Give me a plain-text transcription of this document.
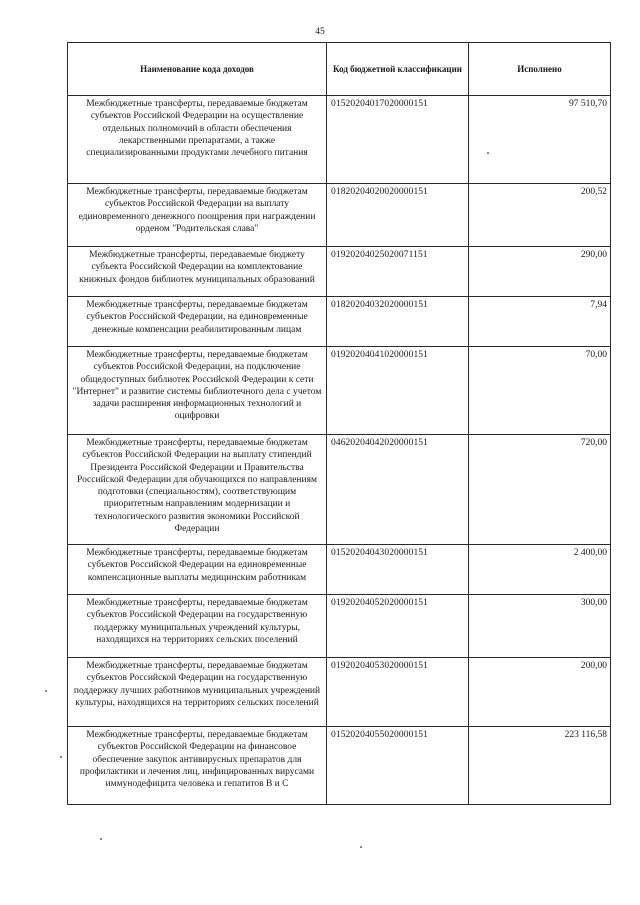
45
Наименование кода доходов	Код бюджетной классификации	Исполнено
Межбюджетные трансферты, передаваемые бюджетам субъектов Российской Федерации на осуществление отдельных полномочий в области обеспечения лекарственными препаратами, а также специализированными продуктами лечебного питания	01520204017020000151	97 510,70
Межбюджетные трансферты, передаваемые бюджетам субъектов Российской Федерации на выплату единовременного денежного поощрения при награждении орденом "Родительская слава"	01820204020020000151	200,52
Межбюджетные трансферты, передаваемые бюджету субъекта Российской Федерации на комплектование книжных фондов библиотек муниципальных образований	01920204025020071151	290,00
Межбюджетные трансферты, передаваемые бюджетам субъектов Российской Федерации, на единовременные денежные компенсации реабилитированным лицам	01820204032020000151	7,94
Межбюджетные трансферты, передаваемые бюджетам субъектов Российской Федерации, на подключение общедоступных библиотек Российской Федерации к сети "Интернет" и развитие системы библиотечного дела с учетом задачи расширения информационных технологий и оцифровки	01920204041020000151	70,00
Межбюджетные трансферты, передаваемые бюджетам субъектов Российской Федерации на выплату стипендий Президента Российской Федерации и Правительства Российской Федерации для обучающихся по направлениям подготовки (специальностям), соответствующим приоритетным направлениям модернизации и технологического развития экономики Российской Федерации	04620204042020000151	720,00
Межбюджетные трансферты, передаваемые бюджетам субъектов Российской Федерации на единовременные компенсационные выплаты медицинским работникам	01520204043020000151	2 400,00
Межбюджетные трансферты, передаваемые бюджетам субъектов Российской Федерации на государственную поддержку муниципальных учреждений культуры, находящихся на территориях сельских поселений	01920204052020000151	300,00
Межбюджетные трансферты, передаваемые бюджетам субъектов Российской Федерации на государственную поддержку лучших работников муниципальных учреждений культуры, находящихся на территориях сельских поселений	01920204053020000151	200,00
Межбюджетные трансферты, передаваемые бюджетам субъектов Российской Федерации на финансовое обеспечение закупок антивирусных препаратов для профилактики и лечения лиц, инфицированных вирусами иммунодефицита человека и гепатитов В и С	01520204055020000151	223 116,58
